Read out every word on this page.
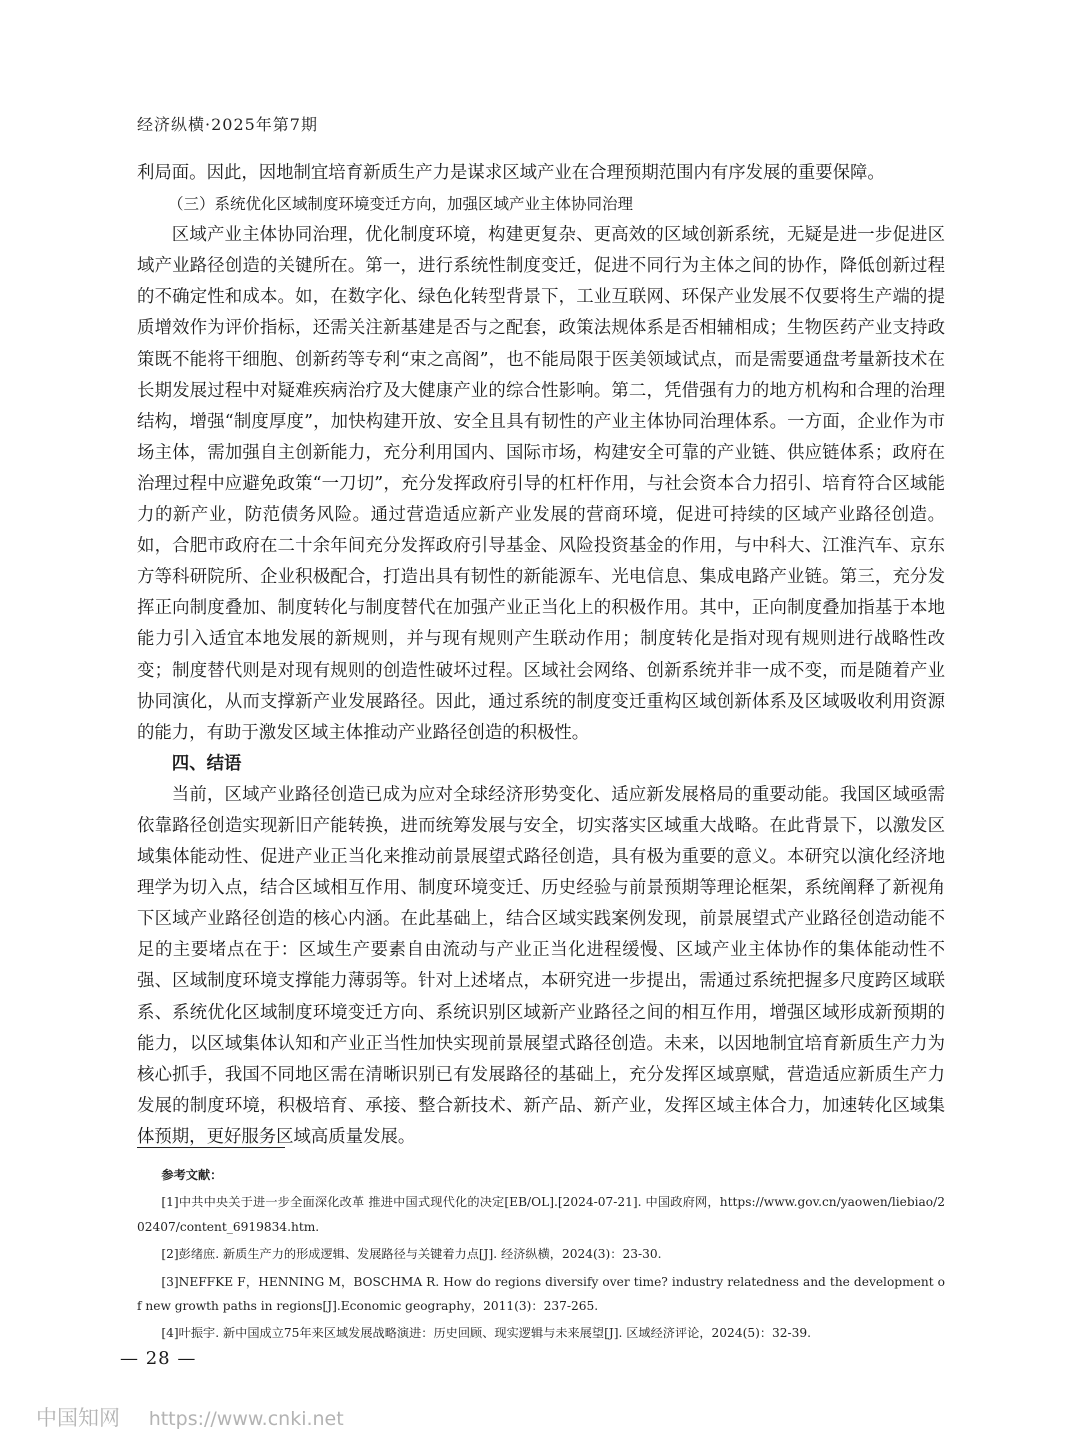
经济纵横·2025年第7期

利局面。因此，因地制宜培育新质生产力是谋求区域产业在合理预期范围内有序发展的重要保障。

（三）系统优化区域制度环境变迁方向，加强区域产业主体协同治理

区域产业主体协同治理，优化制度环境，构建更复杂、更高效的区域创新系统，无疑是进一步促进区域产业路径创造的关键所在。第一，进行系统性制度变迁，促进不同行为主体之间的协作，降低创新过程的不确定性和成本。如，在数字化、绿色化转型背景下，工业互联网、环保产业发展不仅要将生产端的提质增效作为评价指标，还需关注新基建是否与之配套，政策法规体系是否相辅相成；生物医药产业支持政策既不能将干细胞、创新药等专利“束之高阁”，也不能局限于医美领域试点，而是需要通盘考量新技术在长期发展过程中对疑难疾病治疗及大健康产业的综合性影响。第二，凭借强有力的地方机构和合理的治理结构，增强“制度厚度”，加快构建开放、安全且具有韧性的产业主体协同治理体系。一方面，企业作为市场主体，需加强自主创新能力，充分利用国内、国际市场，构建安全可靠的产业链、供应链体系；政府在治理过程中应避免政策“一刀切”，充分发挥政府引导的杠杆作用，与社会资本合力招引、培育符合区域能力的新产业，防范债务风险。通过营造适应新产业发展的营商环境，促进可持续的区域产业路径创造。如，合肥市政府在二十余年间充分发挥政府引导基金、风险投资基金的作用，与中科大、江淮汽车、京东方等科研院所、企业积极配合，打造出具有韧性的新能源车、光电信息、集成电路产业链。第三，充分发挥正向制度叠加、制度转化与制度替代在加强产业正当化上的积极作用。其中，正向制度叠加指基于本地能力引入适宜本地发展的新规则，并与现有规则产生联动作用；制度转化是指对现有规则进行战略性改变；制度替代则是对现有规则的创造性破坏过程。区域社会网络、创新系统并非一成不变，而是随着产业协同演化，从而支撑新产业发展路径。因此，通过系统的制度变迁重构区域创新体系及区域吸收利用资源的能力，有助于激发区域主体推动产业路径创造的积极性。

四、结语

当前，区域产业路径创造已成为应对全球经济形势变化、适应新发展格局的重要动能。我国区域亟需依靠路径创造实现新旧产能转换，进而统筹发展与安全，切实落实区域重大战略。在此背景下，以激发区域集体能动性、促进产业正当化来推动前景展望式路径创造，具有极为重要的意义。本研究以演化经济地理学为切入点，结合区域相互作用、制度环境变迁、历史经验与前景预期等理论框架，系统阐释了新视角下区域产业路径创造的核心内涵。在此基础上，结合区域实践案例发现，前景展望式产业路径创造动能不足的主要堵点在于：区域生产要素自由流动与产业正当化进程缓慢、区域产业主体协作的集体能动性不强、区域制度环境支撑能力薄弱等。针对上述堵点，本研究进一步提出，需通过系统把握多尺度跨区域联系、系统优化区域制度环境变迁方向、系统识别区域新产业路径之间的相互作用，增强区域形成新预期的能力，以区域集体认知和产业正当性加快实现前景展望式路径创造。未来，以因地制宜培育新质生产力为核心抓手，我国不同地区需在清晰识别已有发展路径的基础上，充分发挥区域禀赋，营造适应新质生产力发展的制度环境，积极培育、承接、整合新技术、新产品、新产业，发挥区域主体合力，加速转化区域集体预期，更好服务区域高质量发展。

参考文献：
[1]中共中央关于进一步全面深化改革 推进中国式现代化的决定[EB/OL].[2024-07-21]. 中国政府网，https://www.gov.cn/yaowen/liebiao/202407/content_6919834.htm.
[2]彭绪庶. 新质生产力的形成逻辑、发展路径与关键着力点[J]. 经济纵横，2024(3)：23-30.
[3]NEFFKE F，HENNING M，BOSCHMA R. How do regions diversify over time? industry relatedness and the development of new growth paths in regions[J].Economic geography，2011(3)：237-265.
[4]叶振宇. 新中国成立75年来区域发展战略演进：历史回顾、现实逻辑与未来展望[J]. 区域经济评论，2024(5)：32-39.
— 28 —
中国知网 https://www.cnki.net
